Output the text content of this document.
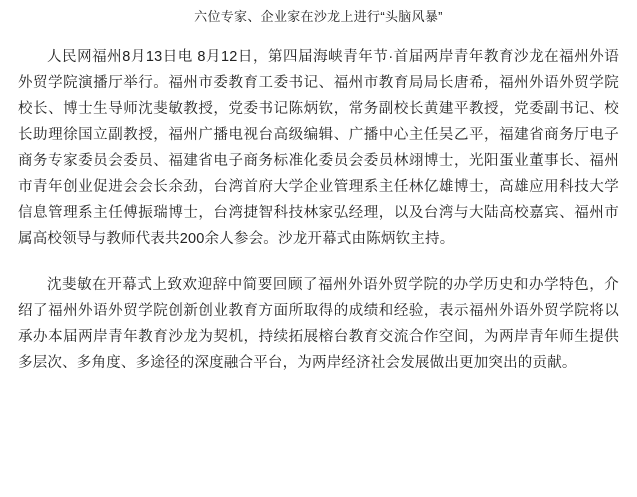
六位专家、企业家在沙龙上进行“头脑风暴”

人民网福州8月13日电 8月12日，第四届海峡青年节·首届两岸青年教育沙龙在福州外语外贸学院演播厅举行。福州市委教育工委书记、福州市教育局局长唐希，福州外语外贸学院校长、博士生导师沈斐敏教授，党委书记陈炳钦，常务副校长黄建平教授，党委副书记、校长助理徐国立副教授，福州广播电视台高级编辑、广播中心主任吴乙平，福建省商务厅电子商务专家委员会委员、福建省电子商务标准化委员会委员林翊博士，光阳蛋业董事长、福州市青年创业促进会会长余劲，台湾首府大学企业管理系主任林亿雄博士，高雄应用科技大学信息管理系主任傅振瑞博士，台湾捷智科技林家弘经理，以及台湾与大陆高校嘉宾、福州市属高校领导与教师代表共200余人参会。沙龙开幕式由陈炳钦主持。

沈斐敏在开幕式上致欢迎辞中简要回顾了福州外语外贸学院的办学历史和办学特色，介绍了福州外语外贸学院创新创业教育方面所取得的成绩和经验，表示福州外语外贸学院将以承办本届两岸青年教育沙龙为契机，持续拓展榕台教育交流合作空间，为两岸青年师生提供多层次、多角度、多途径的深度融合平台，为两岸经济社会发展做出更加突出的贡献。
